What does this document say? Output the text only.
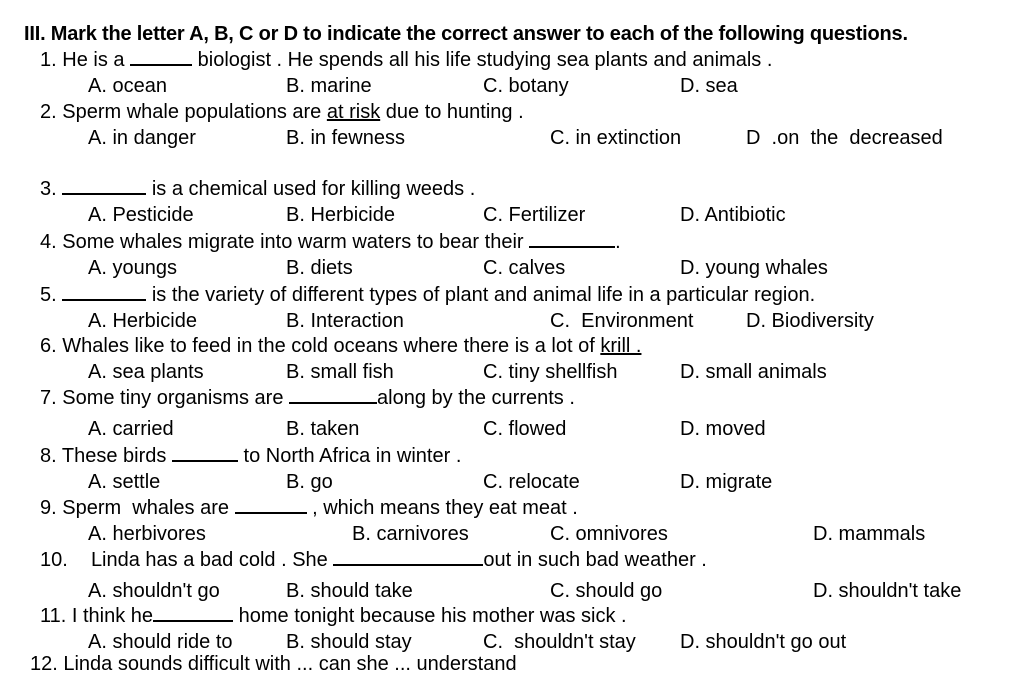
III. Mark the letter A, B, C or D to indicate the correct answer to each of the following questions.
1. He is a	biologist . He spends all his life studying sea plants and animals .
A. ocean	B. marine	C. botany	D. sea
2. Sperm whale populations are at risk due to hunting .
A. in danger	B. in fewness	C. in extinction	D  .on  the  decreased
3.	is a chemical used for killing weeds .
A. Pesticide	B. Herbicide	C. Fertilizer	D. Antibiotic
4. Some whales migrate into warm waters to bear their	.
A. youngs	B. diets	C. calves	D. young whales
5.	is the variety of different types of plant and animal life in a particular region.
A. Herbicide	B. Interaction	C.  Environment	D. Biodiversity
6. Whales like to feed in the cold oceans where there is a lot of krill .
A. sea plants	B. small fish	C. tiny shellfish	D. small animals
7. Some tiny organisms are	along by the currents .
A. carried	B. taken	C. flowed	D. moved
8. These birds	to North Africa in winter .
A. settle	B. go	C. relocate	D. migrate
9. Sperm  whales are	, which means they eat meat .
A. herbivores	B. carnivores	C. omnivores	D. mammals
10. Linda has a bad cold . She	out in such bad weather .
A. shouldn't go	B. should take	C. should go	D. shouldn't take
11. I think he	home tonight because his mother was sick .
A. should ride to	B. should stay	C.  shouldn't stay D. shouldn't go out
12. Linda sounds difficult with ... can she ... understand
